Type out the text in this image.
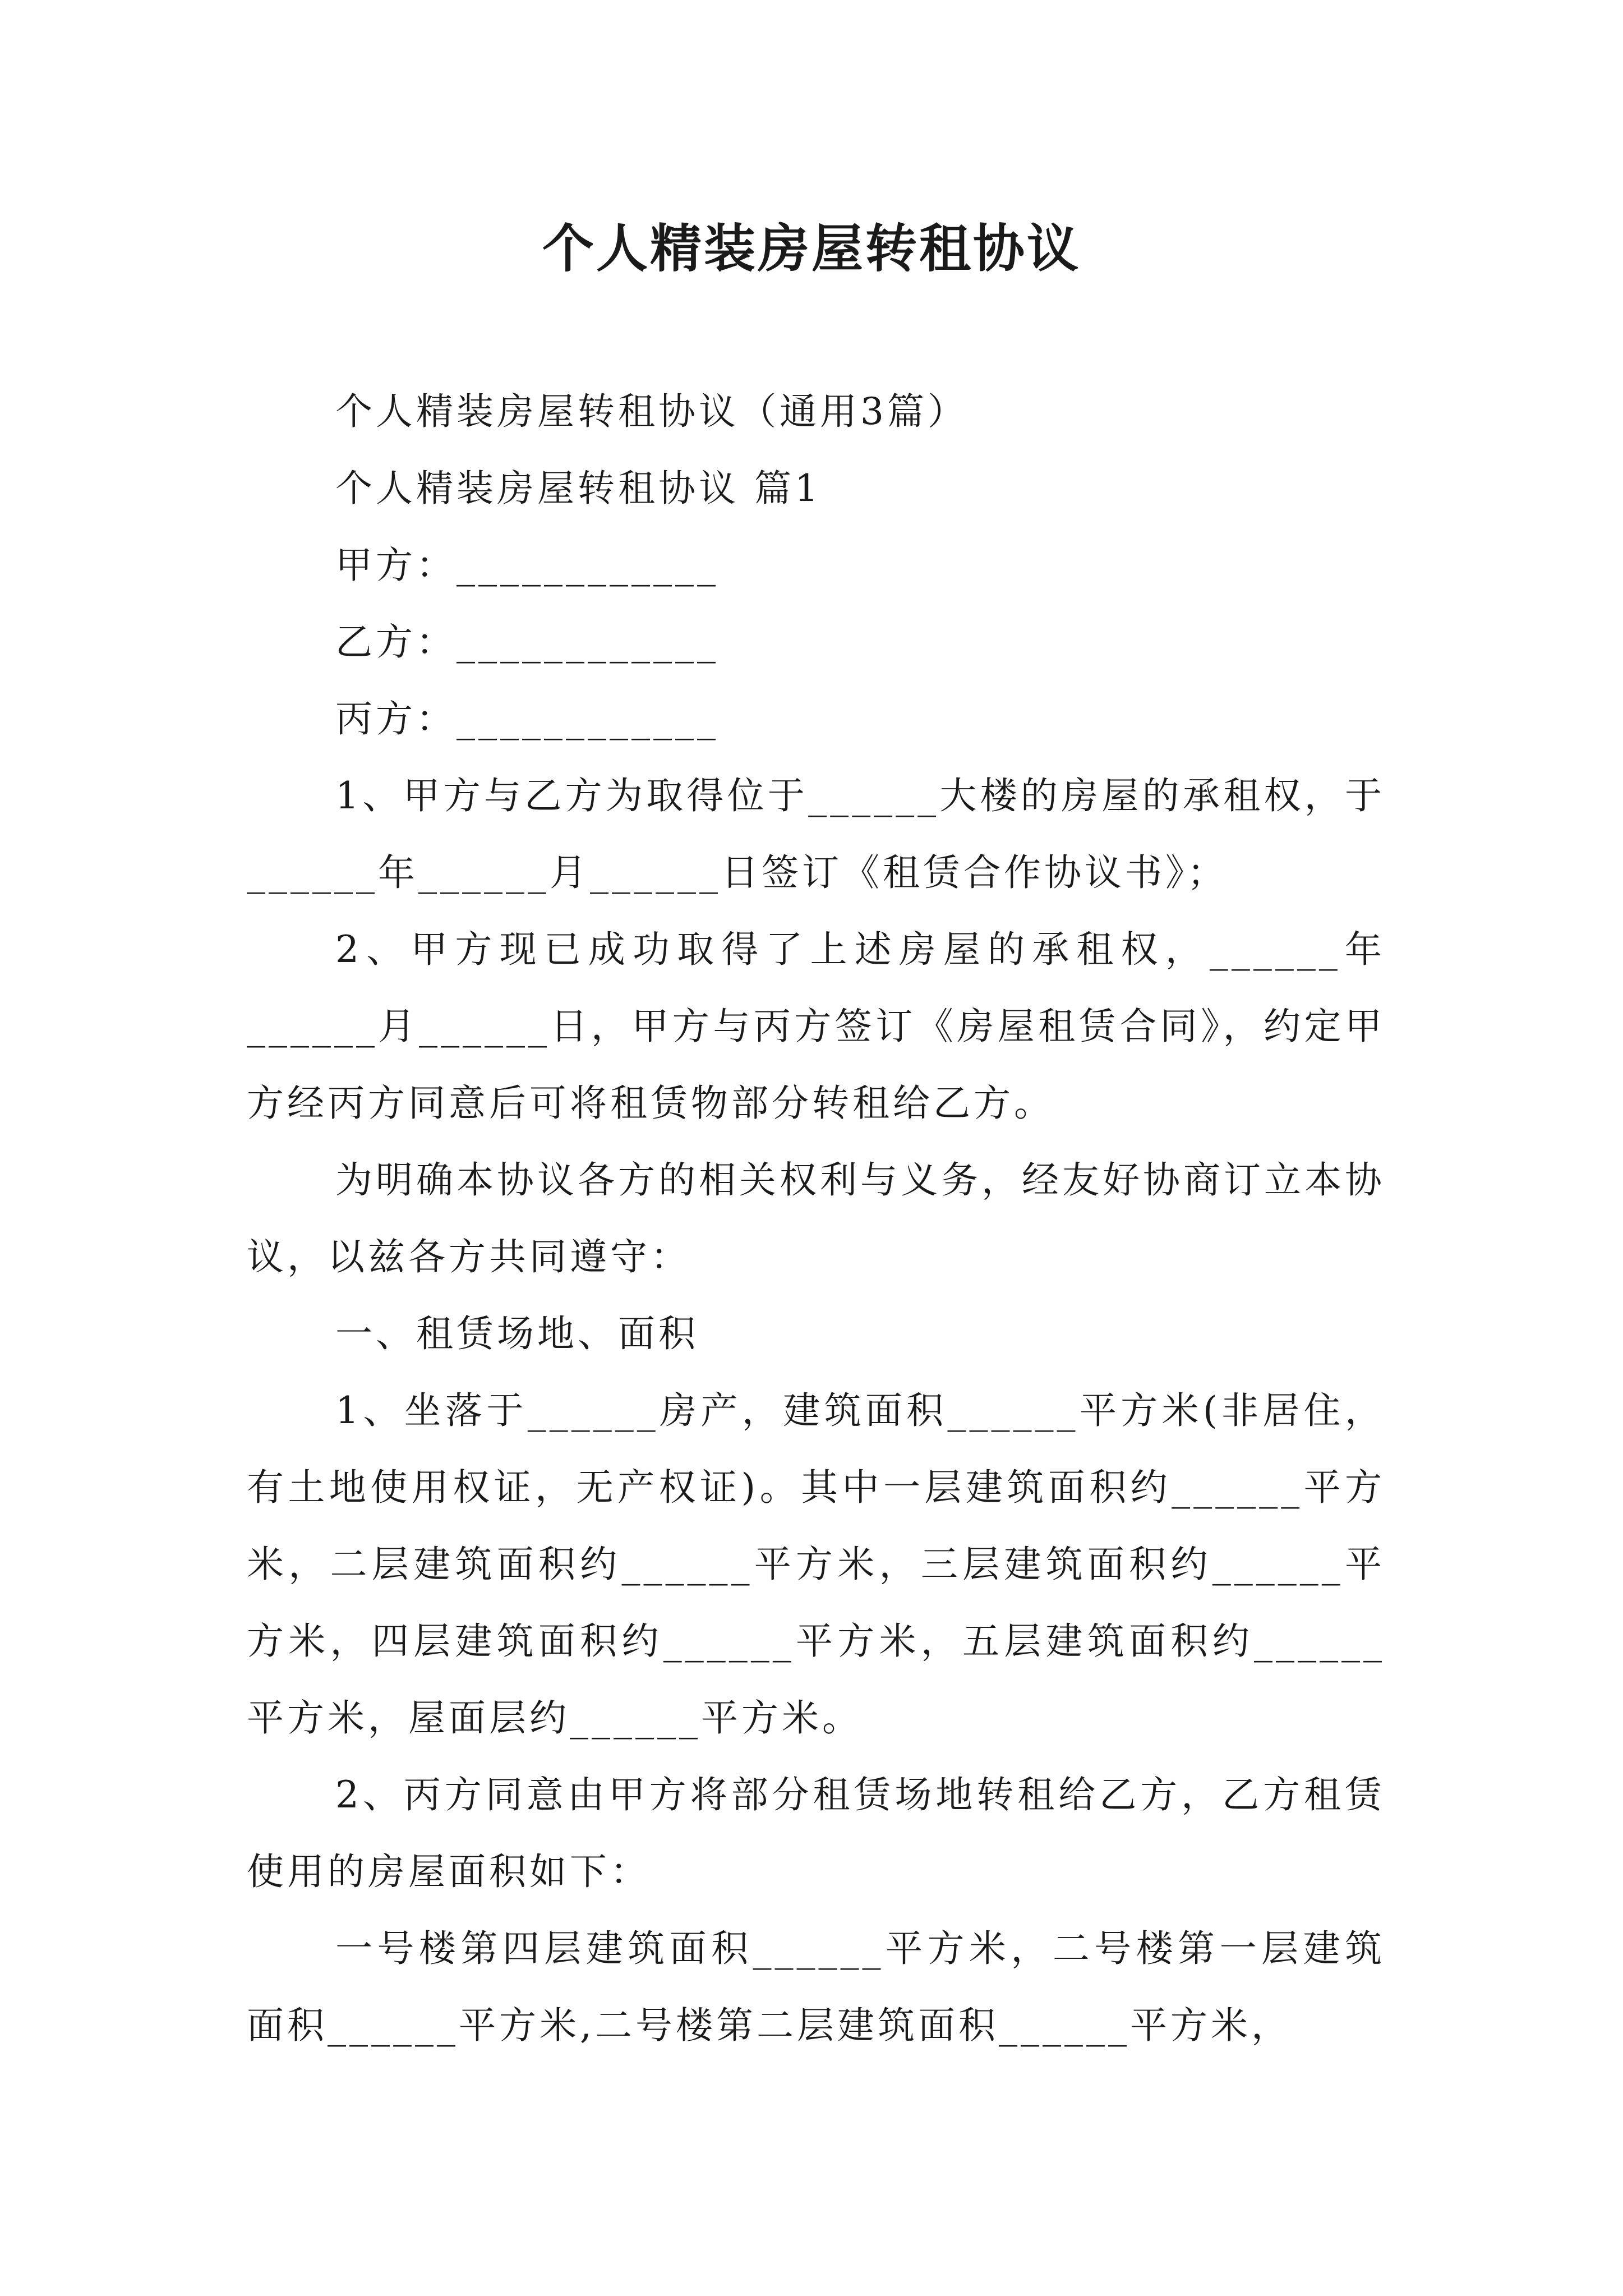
个人精装房屋转租协议

个人精装房屋转租协议（通用3篇）

个人精装房屋转租协议 篇1

甲方：____________

乙方：____________

丙方：____________

1、甲方与乙方为取得位于______大楼的房屋的承租权，于______年______月______日签订《租赁合作协议书》；

2、甲方现已成功取得了上述房屋的承租权，______年______月______日，甲方与丙方签订《房屋租赁合同》，约定甲方经丙方同意后可将租赁物部分转租给乙方。

为明确本协议各方的相关权利与义务，经友好协商订立本协议，以兹各方共同遵守：

一、租赁场地、面积

1、坐落于______房产，建筑面积______平方米(非居住，有土地使用权证，无产权证)。其中一层建筑面积约______平方米，二层建筑面积约______平方米，三层建筑面积约______平方米，四层建筑面积约______平方米，五层建筑面积约______平方米，屋面层约______平方米。

2、丙方同意由甲方将部分租赁场地转租给乙方，乙方租赁使用的房屋面积如下：

一号楼第四层建筑面积______平方米，二号楼第一层建筑面积______平方米,二号楼第二层建筑面积______平方米，
